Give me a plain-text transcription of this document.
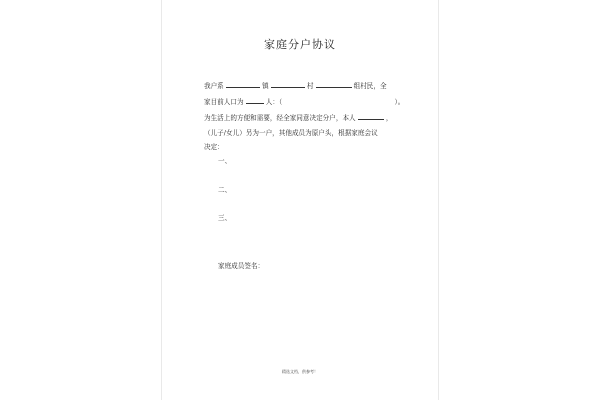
家庭分户协议
我户系	镇	村	组村民，全
家目前人口为	人：（	）。
为生活上的方便和需要，经全家同意决定分户，本人	，
（儿子/女儿）另为一户，其他成员为原户头，根据家庭会议
决定：
一、
二、
三、
家庭成员签名：
精选文档，供参考！
